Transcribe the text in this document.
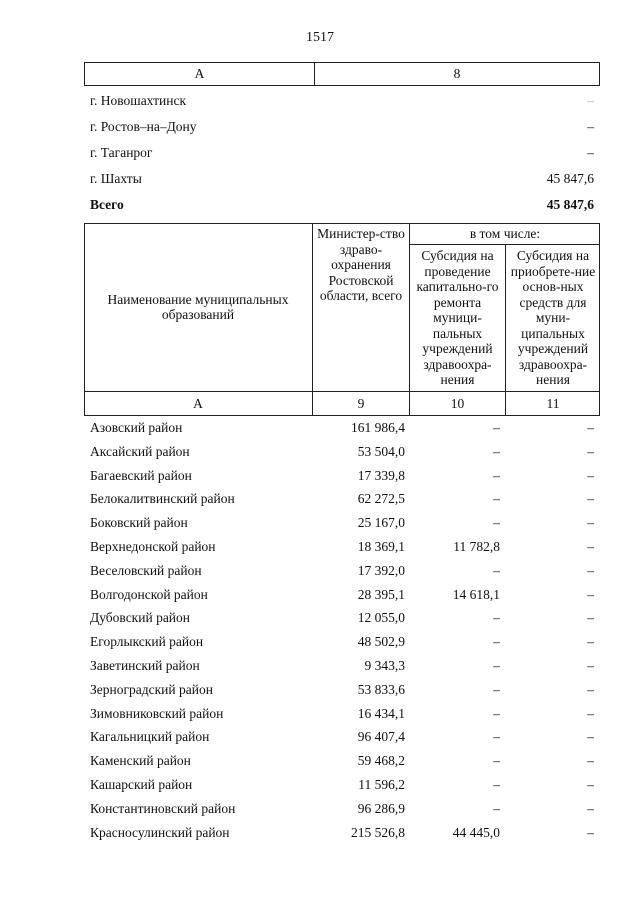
1517
А	8
г. Новошахтинск	–
г. Ростов–на–Дону	–
г. Таганрог	–
г. Шахты	45 847,6
Всего	45 847,6
Наименование муниципальных образований
Министер-ство здраво-охранения Ростовской области, всего
в том числе:
Субсидия на проведение капитально-го ремонта муници-пальных учреждений здравоохра-нения
Субсидия на приобрете-ние основ-ных средств для муни-ципальных учреждений здравоохра-нения
А	9	10	11
Азовский район	161 986,4	–	–
Аксайский район	53 504,0	–	–
Багаевский район	17 339,8	–	–
Белокалитвинский район	62 272,5	–	–
Боковский район	25 167,0	–	–
Верхнедонской район	18 369,1	11 782,8	–
Веселовский район	17 392,0	–	–
Волгодонской район	28 395,1	14 618,1	–
Дубовский район	12 055,0	–	–
Егорлыкский район	48 502,9	–	–
Заветинский район	9 343,3	–	–
Зерноградский район	53 833,6	–	–
Зимовниковский район	16 434,1	–	–
Кагальницкий район	96 407,4	–	–
Каменский район	59 468,2	–	–
Кашарский район	11 596,2	–	–
Константиновский район	96 286,9	–	–
Красносулинский район	215 526,8	44 445,0	–
